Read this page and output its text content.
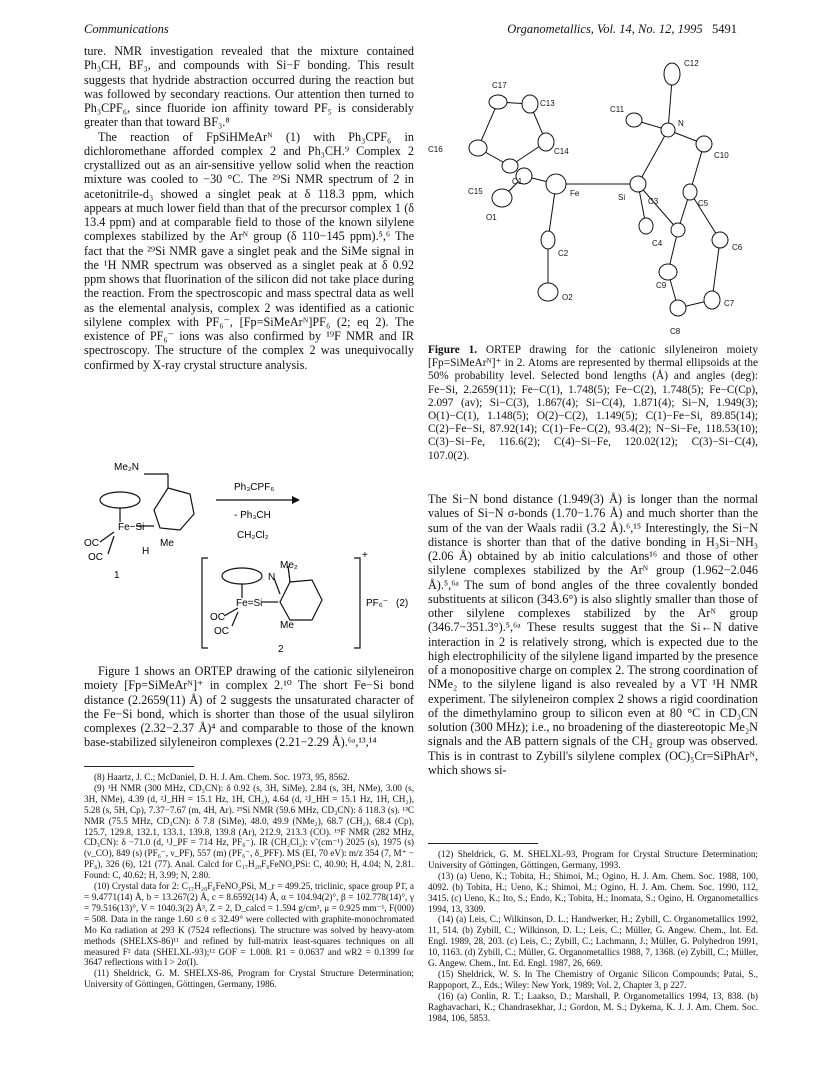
Communications	Organometallics, Vol. 14, No. 12, 1995 5491

ture. NMR investigation revealed that the mixture contained Ph₃CH, BF₃, and compounds with Si−F bonding. This result suggests that hydride abstraction occurred during the reaction but was followed by secondary reactions. Our attention then turned to Ph₃CPF₆, since fluoride ion affinity toward PF₅ is considerably greater than that toward BF₃.⁸

The reaction of FpSiHMeArᴺ (1) with Ph₃CPF₆ in dichloromethane afforded complex 2 and Ph₃CH.⁹ Complex 2 crystallized out as an air-sensitive yellow solid when the reaction mixture was cooled to −30 °C. The ²⁹Si NMR spectrum of 2 in acetonitrile-d₃ showed a singlet peak at δ 118.3 ppm, which appears at much lower field than that of the precursor complex 1 (δ 13.4 ppm) and at comparable field to those of the known silylene complexes stabilized by the Arᴺ group (δ 110−145 ppm).⁵,⁶ The fact that the ²⁹Si NMR gave a singlet peak and the SiMe signal in the ¹H NMR spectrum was observed as a singlet peak at δ 0.92 ppm shows that fluorination of the silicon did not take place during the reaction. From the spectroscopic and mass spectral data as well as the elemental analysis, complex 2 was identified as a cationic silylene complex with PF₆⁻, [Fp=SiMeArᴺ]PF₆ (2; eq 2). The existence of PF₆⁻ ions was also confirmed by ¹⁹F NMR and IR spectroscopy. The structure of the complex 2 was unequivocally confirmed by X-ray crystal structure analysis.

Me₂N
Fe−Si
Me
H
OC
OC
1
Ph₃CPF₆
- Ph₃CH
CH₂Cl₂
Me₂
N
Fe=Si
Me
OC
OC
+
PF₆⁻ (2)
2

Figure 1 shows an ORTEP drawing of the cationic silyleneiron moiety [Fp=SiMeArᴺ]⁺ in complex 2.¹⁰ The short Fe−Si bond distance (2.2659(11) Å) of 2 suggests the unsaturated character of the Fe−Si bond, which is shorter than those of the usual silyliron complexes (2.32−2.37 Å)⁴ and comparable to those of the known base-stabilized silyleneiron complexes (2.21−2.29 Å).⁶ᵃ,¹³,¹⁴

(8) Haartz, J. C.; McDaniel, D. H. J. Am. Chem. Soc. 1973, 95, 8562.

(9) ¹H NMR (300 MHz, CD₃CN): δ 0.92 (s, 3H, SiMe), 2.84 (s, 3H, NMe), 3.00 (s, 3H, NMe), 4.39 (d, ²J_HH = 15.1 Hz, 1H, CH₂), 4.64 (d, ²J_HH = 15.1 Hz, 1H, CH₂), 5.28 (s, 5H, Cp), 7.37−7.67 (m, 4H, Ar). ²⁹Si NMR (59.6 MHz, CD₃CN): δ 118.3 (s). ¹³C NMR (75.5 MHz, CD₃CN): δ 7.8 (SiMe), 48.0, 49.9 (NMe₂), 68.7 (CH₂), 68.4 (Cp), 125.7, 129.8, 132.1, 133.1, 139.8, 139.8 (Ar), 212.9, 213.3 (CO). ¹⁹F NMR (282 MHz, CD₃CN): δ −71.0 (d, ¹J_PF = 714 Hz, PF₆⁻). IR (CH₂Cl₂): ν̃ (cm⁻¹) 2025 (s), 1975 (s) (ν_CO), 849 (s) (PF₆⁻, ν_PF), 557 (m) (PF₆⁻, δ_PFF). MS (EI, 70 eV): m/z 354 (7, M⁺ − PF₆), 326 (6), 121 (77). Anal. Calcd for C₁₇H₂₀F₆FeNO₂PSi: C, 40.90; H, 4.04; N, 2.81. Found: C, 40.62; H, 3.99; N, 2.80.

(10) Crystal data for 2: C₁₇H₂₀F₆FeNO₂PSi, M_r = 499.25, triclinic, space group P1̄, a = 9.4771(14) Å, b = 13.267(2) Å, c = 8.6592(14) Å, α = 104.94(2)°, β = 102.778(14)°, γ = 79.516(13)°, V = 1040.3(2) Å³, Z = 2, D_calcd = 1.594 g/cm³, μ = 0.925 mm⁻¹, F(000) = 508. Data in the range 1.60 ≤ θ ≤ 32.49° were collected with graphite-monochromated Mo Kα radiation at 293 K (7524 reflections). The structure was solved by heavy-atom methods (SHELXS-86)¹¹ and refined by full-matrix least-squares techniques on all measured F² data (SHELXL-93);¹² GOF = 1.008. R1 = 0.0637 and wR2 = 0.1399 for 3647 reflections with I > 2σ(I).

(11) Sheldrick, G. M. SHELXS-86, Program for Crystal Structure Determination; University of Göttingen, Göttingen, Germany, 1986.

C12
C17
C13
C11
N
C16	C14	C10
C1
Fe	Si
C15
C3	C5
O1
C4	C6
C2
C9
C7
O2
C8
Figure 1. ORTEP drawing for the cationic silyleneiron moiety [Fp=SiMeArᴺ]⁺ in 2. Atoms are represented by thermal ellipsoids at the 50% probability level. Selected bond lengths (Å) and angles (deg): Fe−Si, 2.2659(11); Fe−C(1), 1.748(5); Fe−C(2), 1.748(5); Fe−C(Cp), 2.097 (av); Si−C(3), 1.867(4); Si−C(4), 1.871(4); Si−N, 1.949(3); O(1)−C(1), 1.148(5); O(2)−C(2), 1.149(5); C(1)−Fe−Si, 89.85(14); C(2)−Fe−Si, 87.92(14); C(1)−Fe−C(2), 93.4(2); N−Si−Fe, 118.53(10); C(3)−Si−Fe, 116.6(2); C(4)−Si−Fe, 120.02(12); C(3)−Si−C(4), 107.0(2).

The Si−N bond distance (1.949(3) Å) is longer than the normal values of Si−N σ-bonds (1.70−1.76 Å) and much shorter than the sum of the van der Waals radii (3.2 Å).⁶,¹⁵ Interestingly, the Si−N distance is shorter than that of the dative bonding in H₃Si−NH₃ (2.06 Å) obtained by ab initio calculations¹⁶ and those of other silylene complexes stabilized by the Arᴺ group (1.962−2.046 Å).⁵,⁶ᵃ The sum of bond angles of the three covalently bonded substituents at silicon (343.6°) is also slightly smaller than those of other silylene complexes stabilized by the Arᴺ group (346.7−351.3°).⁵,⁶ᵃ These results suggest that the Si←N dative interaction in 2 is relatively strong, which is expected due to the high electrophilicity of the silylene ligand imparted by the presence of a monopositive charge on complex 2. The strong coordination of NMe₂ to the silylene ligand is also revealed by a VT ¹H NMR experiment. The silyleneiron complex 2 shows a rigid coordination of the dimethylamino group to silicon even at 80 °C in CD₃CN solution (300 MHz); i.e., no broadening of the diastereotopic Me₂N signals and the AB pattern signals of the CH₂ group was observed. This is in contrast to Zybill's silylene complex (OC)₅Cr=SiPhArᴺ, which shows si-

(12) Sheldrick, G. M. SHELXL-93, Program for Crystal Structure Determination; University of Göttingen, Göttingen, Germany, 1993.

(13) (a) Ueno, K.; Tobita, H.; Shimoi, M.; Ogino, H. J. Am. Chem. Soc. 1988, 100, 4092. (b) Tobita, H.; Ueno, K.; Shimoi, M.; Ogino, H. J. Am. Chem. Soc. 1990, 112, 3415. (c) Ueno, K.; Ito, S.; Endo, K.; Tobita, H.; Inomata, S.; Ogino, H. Organometallics 1994, 13, 3309.

(14) (a) Leis, C.; Wilkinson, D. L.; Handwerker, H.; Zybill, C. Organometallics 1992, 11, 514. (b) Zybill, C.; Wilkinson, D. L.; Leis, C.; Müller, G. Angew. Chem., Int. Ed. Engl. 1989, 28, 203. (c) Leis, C.; Zybill, C.; Lachmann, J.; Müller, G. Polyhedron 1991, 10, 1163. (d) Zybill, C.; Müller, G. Organometallics 1988, 7, 1368. (e) Zybill, C.; Müller, G. Angew. Chem., Int. Ed. Engl. 1987, 26, 669.

(15) Sheldrick, W. S. In The Chemistry of Organic Silicon Compounds; Patai, S., Rappoport, Z., Eds.; Wiley: New York, 1989; Vol. 2, Chapter 3, p 227.

(16) (a) Conlin, R. T.; Laakso, D.; Marshall, P. Organometallics 1994, 13, 838. (b) Raghavachari, K.; Chandrasekhar, J.; Gordon, M. S.; Dykema, K. J. J. Am. Chem. Soc. 1984, 106, 5853.
